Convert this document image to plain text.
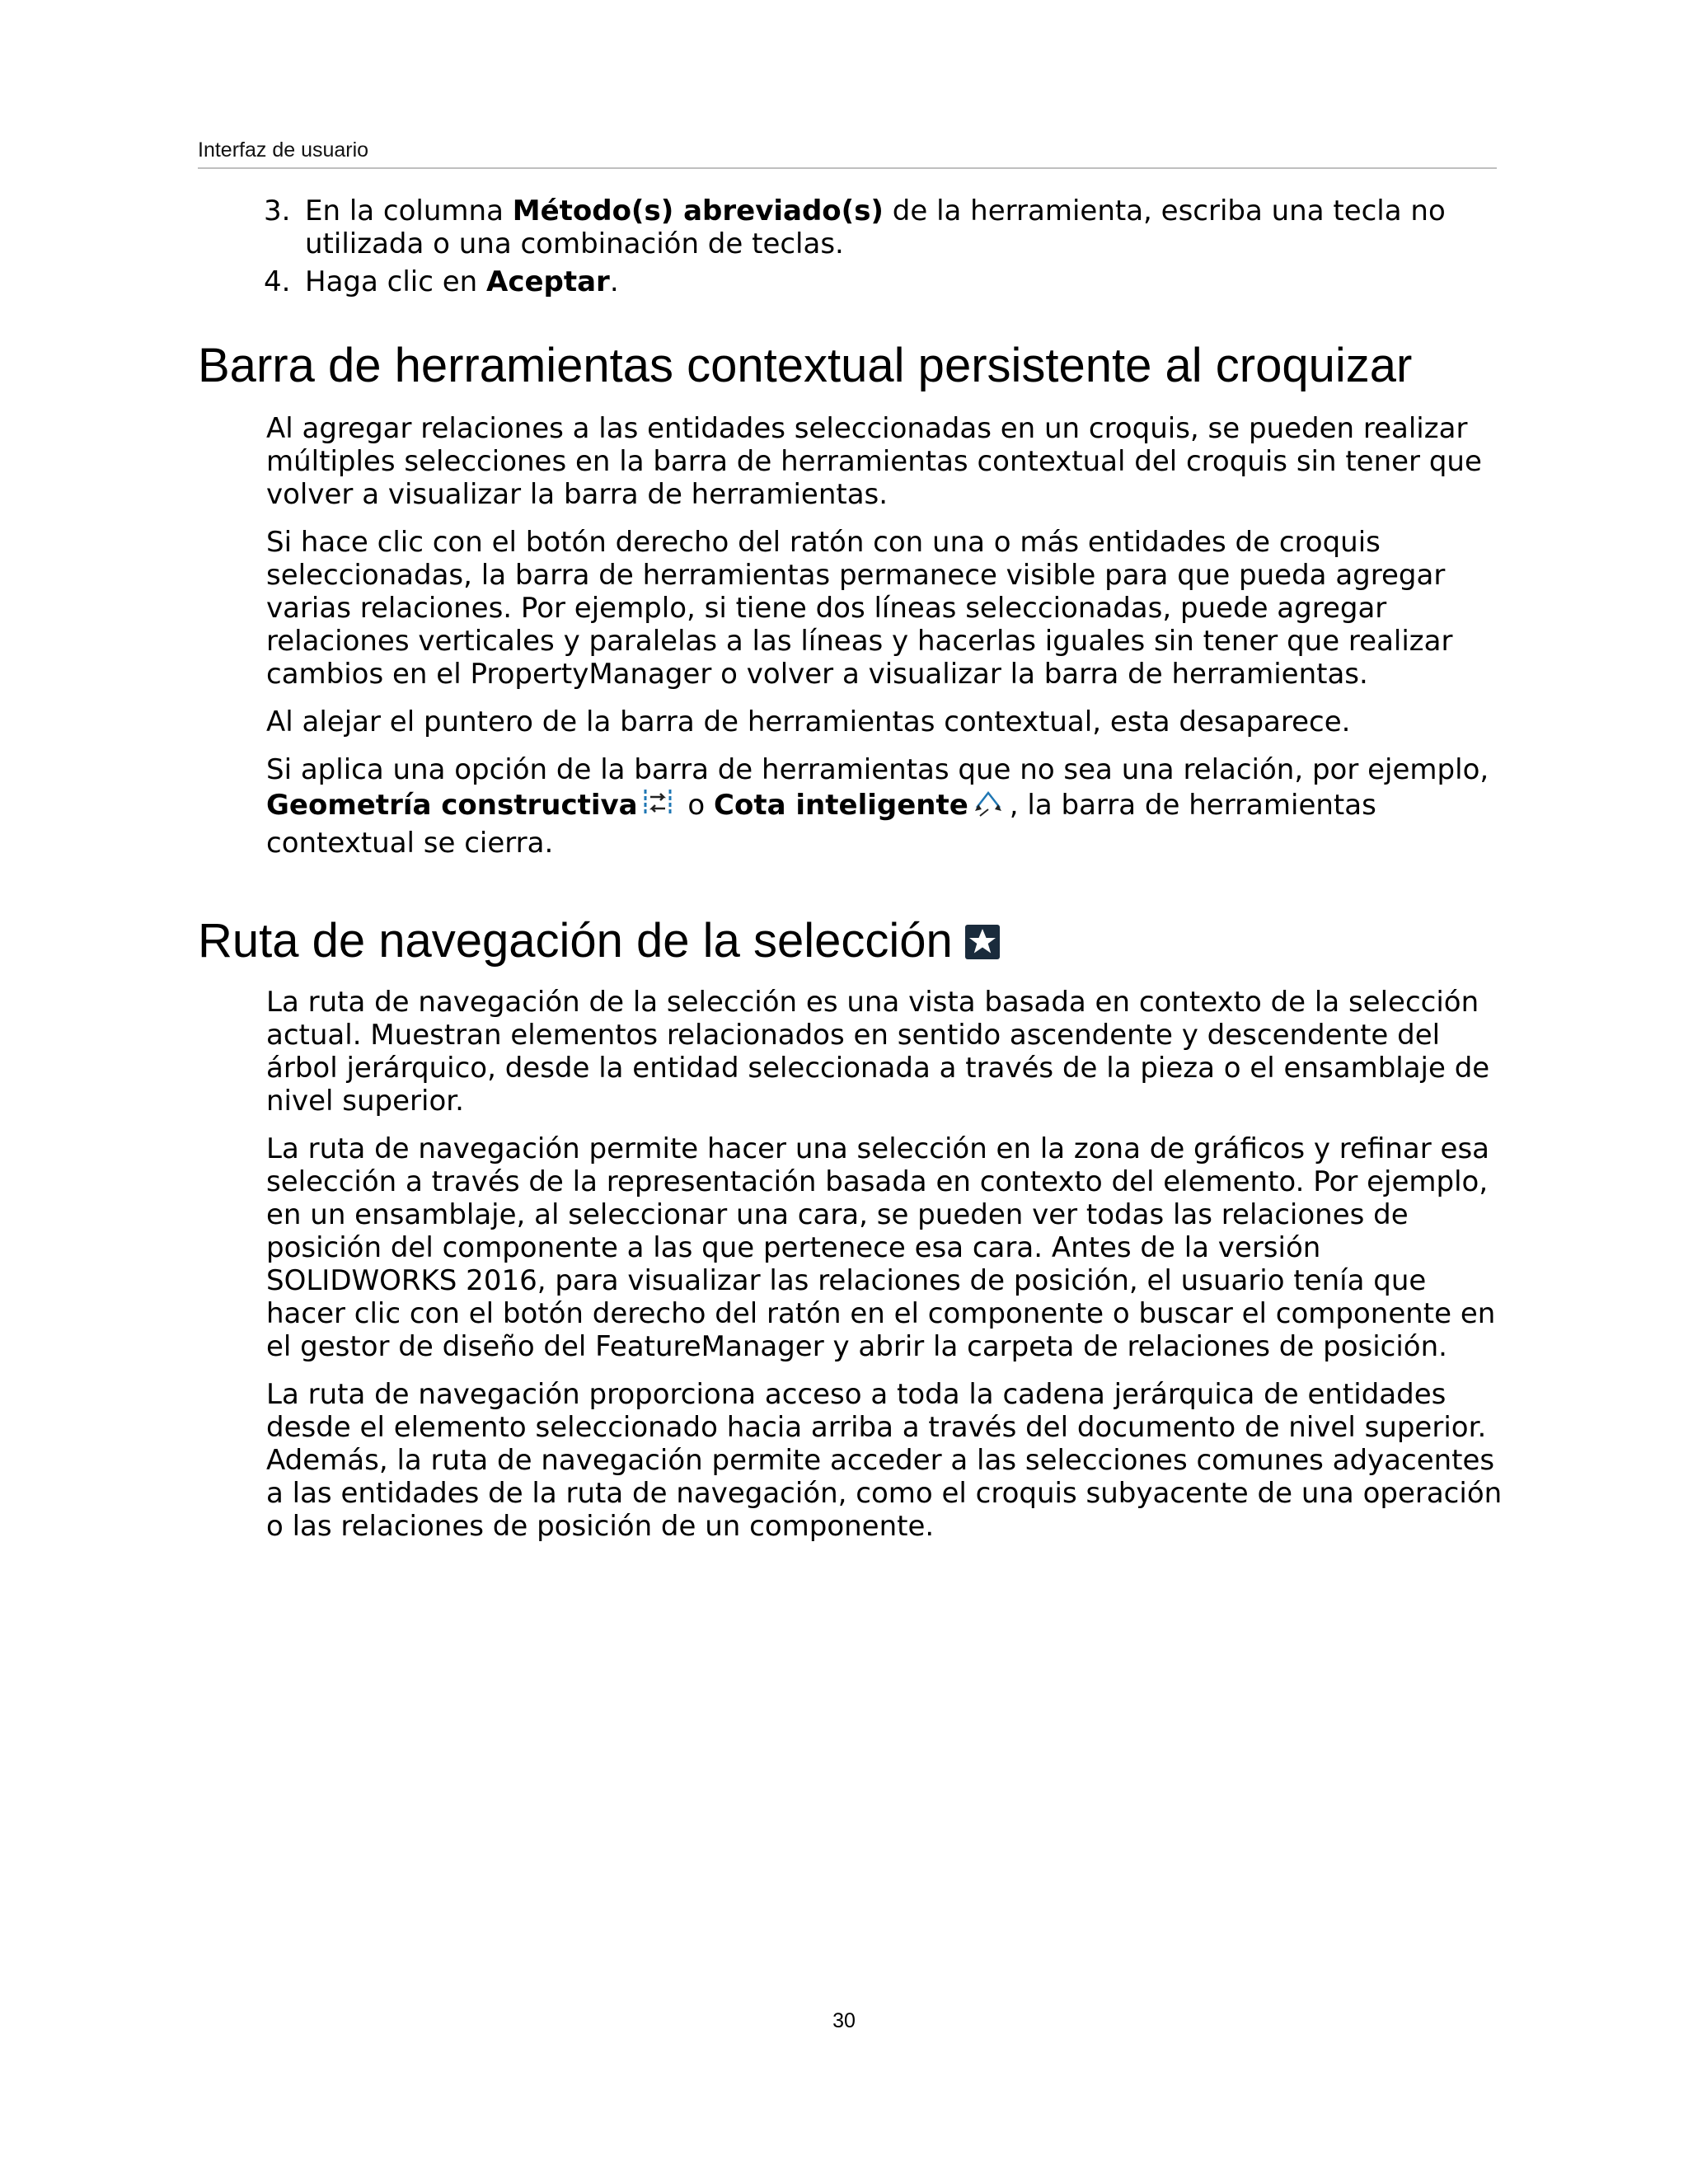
Interfaz de usuario
3. En la columna Método(s) abreviado(s) de la herramienta, escriba una tecla no utilizada o una combinación de teclas.
4. Haga clic en Aceptar.
Barra de herramientas contextual persistente al croquizar

Al agregar relaciones a las entidades seleccionadas en un croquis, se pueden realizar múltiples selecciones en la barra de herramientas contextual del croquis sin tener que volver a visualizar la barra de herramientas.

Si hace clic con el botón derecho del ratón con una o más entidades de croquis seleccionadas, la barra de herramientas permanece visible para que pueda agregar varias relaciones. Por ejemplo, si tiene dos líneas seleccionadas, puede agregar relaciones verticales y paralelas a las líneas y hacerlas iguales sin tener que realizar cambios en el PropertyManager o volver a visualizar la barra de herramientas.

Al alejar el puntero de la barra de herramientas contextual, esta desaparece.

Si aplica una opción de la barra de herramientas que no sea una relación, por ejemplo, Geometría constructiva o Cota inteligente , la barra de herramientas contextual se cierra.

Ruta de navegación de la selección

La ruta de navegación de la selección es una vista basada en contexto de la selección actual. Muestran elementos relacionados en sentido ascendente y descendente del árbol jerárquico, desde la entidad seleccionada a través de la pieza o el ensamblaje de nivel superior.

La ruta de navegación permite hacer una selección en la zona de gráficos y refinar esa selección a través de la representación basada en contexto del elemento. Por ejemplo, en un ensamblaje, al seleccionar una cara, se pueden ver todas las relaciones de posición del componente a las que pertenece esa cara. Antes de la versión SOLIDWORKS 2016, para visualizar las relaciones de posición, el usuario tenía que hacer clic con el botón derecho del ratón en el componente o buscar el componente en el gestor de diseño del FeatureManager y abrir la carpeta de relaciones de posición.

La ruta de navegación proporciona acceso a toda la cadena jerárquica de entidades desde el elemento seleccionado hacia arriba a través del documento de nivel superior. Además, la ruta de navegación permite acceder a las selecciones comunes adyacentes a las entidades de la ruta de navegación, como el croquis subyacente de una operación o las relaciones de posición de un componente.

30
